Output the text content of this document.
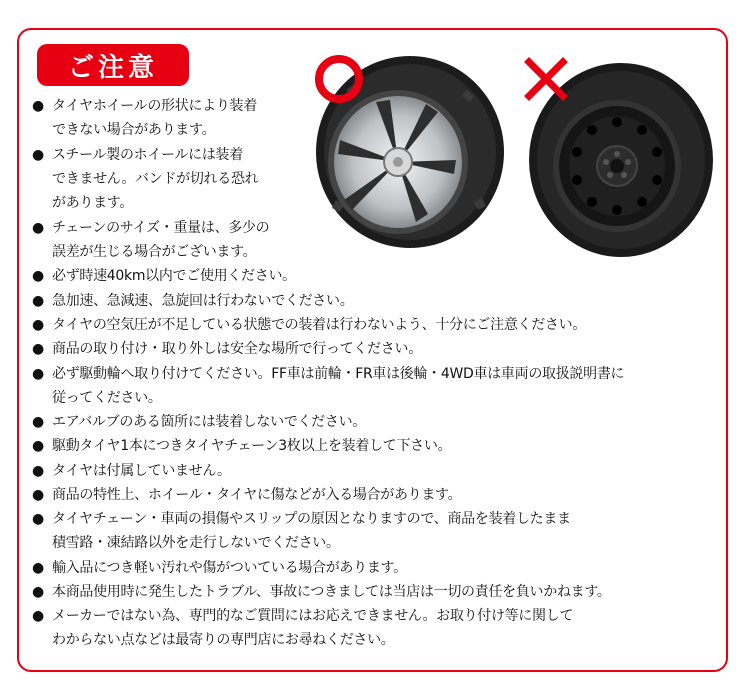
ご注意
● タイヤホイールの形状により装着
できない場合があります。
● スチール製のホイールには装着
できません。バンドが切れる恐れ
があります。
● チェーンのサイズ・重量は、多少の
誤差が生じる場合がございます。
● 必ず時速40km以内でご使用ください。
● 急加速、急減速、急旋回は行わないでください。
● タイヤの空気圧が不足している状態での装着は行わないよう、十分にご注意ください。
● 商品の取り付け・取り外しは安全な場所で行ってください。
● 必ず駆動輪へ取り付けてください。FF車は前輪・FR車は後輪・4WD車は車両の取扱説明書に
従ってください。
● エアバルブのある箇所には装着しないでください。
● 駆動タイヤ1本につきタイヤチェーン3枚以上を装着して下さい。
● タイヤは付属していません。
● 商品の特性上、ホイール・タイヤに傷などが入る場合があります。
● タイヤチェーン・車両の損傷やスリップの原因となりますので、商品を装着したまま
積雪路・凍結路以外を走行しないでください。
● 輸入品につき軽い汚れや傷がついている場合があります。
● 本商品使用時に発生したトラブル、事故につきましては当店は一切の責任を負いかねます。
● メーカーではない為、専門的なご質問にはお応えできません。お取り付け等に関して
わからない点などは最寄りの専門店にお尋ねください。
